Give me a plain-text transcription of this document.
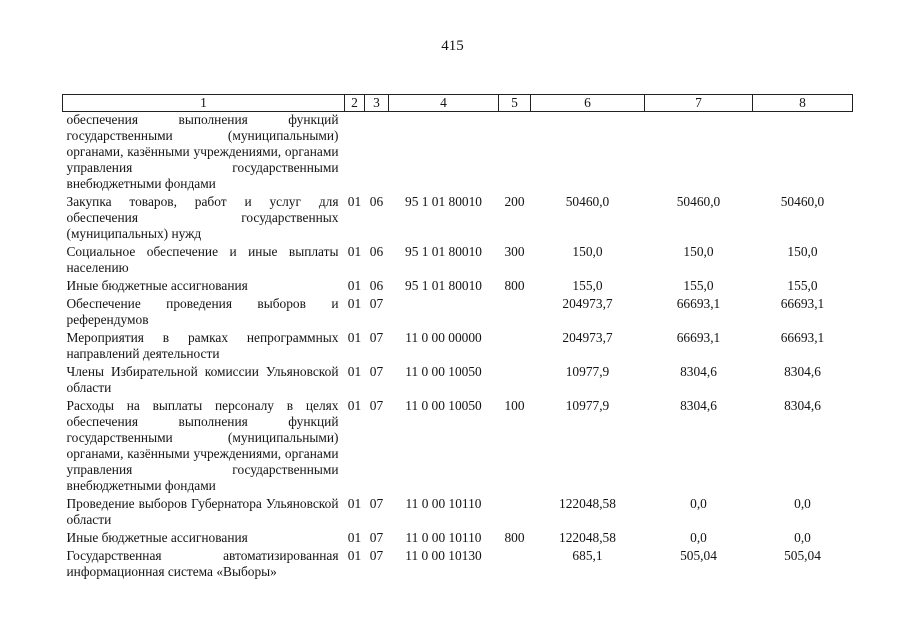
415
1	2	3	4	5	6	7	8
обеспечения выполнения функций государственными (муниципальными) органами, казёнными учреждениями, органами управления государственными внебюджетными фондами							
Закупка товаров, работ и услуг для обеспечения государственных (муниципальных) нужд	01	06	95 1 01 80010	200	50460,0	50460,0	50460,0
Социальное обеспечение и иные выплаты населению	01	06	95 1 01 80010	300	150,0	150,0	150,0
Иные бюджетные ассигнования	01	06	95 1 01 80010	800	155,0	155,0	155,0
Обеспечение проведения выборов и референдумов	01	07			204973,7	66693,1	66693,1
Мероприятия в рамках непрограммных направлений деятельности	01	07	11 0 00 00000		204973,7	66693,1	66693,1
Члены Избирательной комиссии Ульяновской области	01	07	11 0 00 10050		10977,9	8304,6	8304,6
Расходы на выплаты персоналу в целях обеспечения выполнения функций государственными (муниципальными) органами, казёнными учреждениями, органами управления государственными внебюджетными фондами	01	07	11 0 00 10050	100	10977,9	8304,6	8304,6
Проведение выборов Губернатора Ульяновской области	01	07	11 0 00 10110		122048,58	0,0	0,0
Иные бюджетные ассигнования	01	07	11 0 00 10110	800	122048,58	0,0	0,0
Государственная автоматизированная информационная система «Выборы»	01	07	11 0 00 10130		685,1	505,04	505,04
